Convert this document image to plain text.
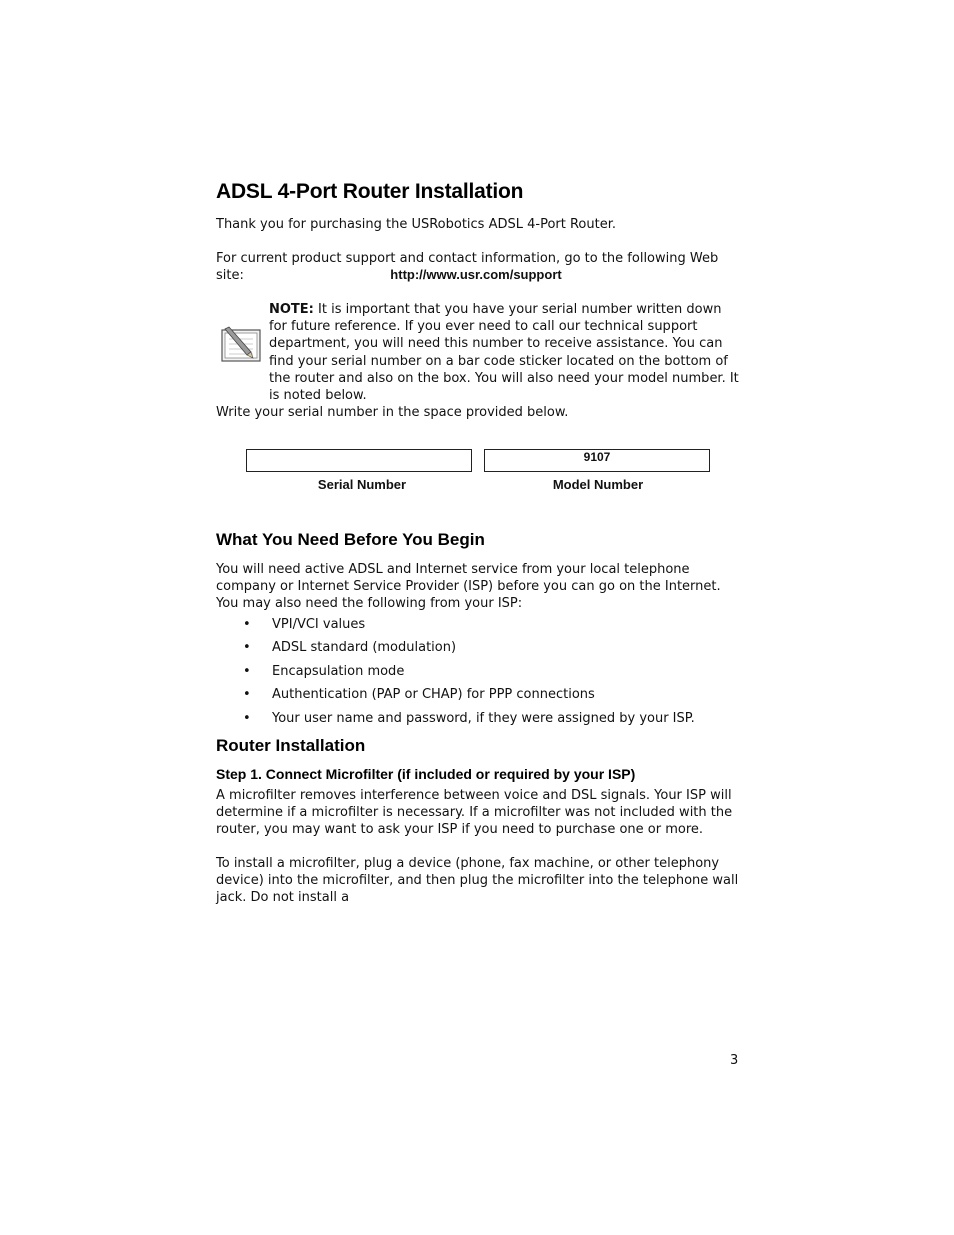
ADSL 4-Port Router Installation
Thank you for purchasing the USRobotics ADSL 4-Port Router.
For current product support and contact information, go to the following Web site:	http://www.usr.com/support
NOTE: It is important that you have your serial number written down for future reference. If you ever need to call our technical support department, you will need this number to receive assistance. You can find your serial number on a bar code sticker located on the bottom of the router and also on the box. You will also need your model number. It is noted below.
Write your serial number in the space provided below.
9107
Serial Number	Model Number
What You Need Before You Begin
You will need active ADSL and Internet service from your local telephone company or Internet Service Provider (ISP) before you can go on the Internet. You may also need the following from your ISP:
• VPI/VCI values
• ADSL standard (modulation)
• Encapsulation mode
• Authentication (PAP or CHAP) for PPP connections
• Your user name and password, if they were assigned by your ISP.
Router Installation
Step 1. Connect Microfilter (if included or required by your ISP)
A microfilter removes interference between voice and DSL signals. Your ISP will determine if a microfilter is necessary. If a microfilter was not included with the router, you may want to ask your ISP if you need to purchase one or more.
To install a microfilter, plug a device (phone, fax machine, or other telephony device) into the microfilter, and then plug the microfilter into the telephone wall jack. Do not install a
3
